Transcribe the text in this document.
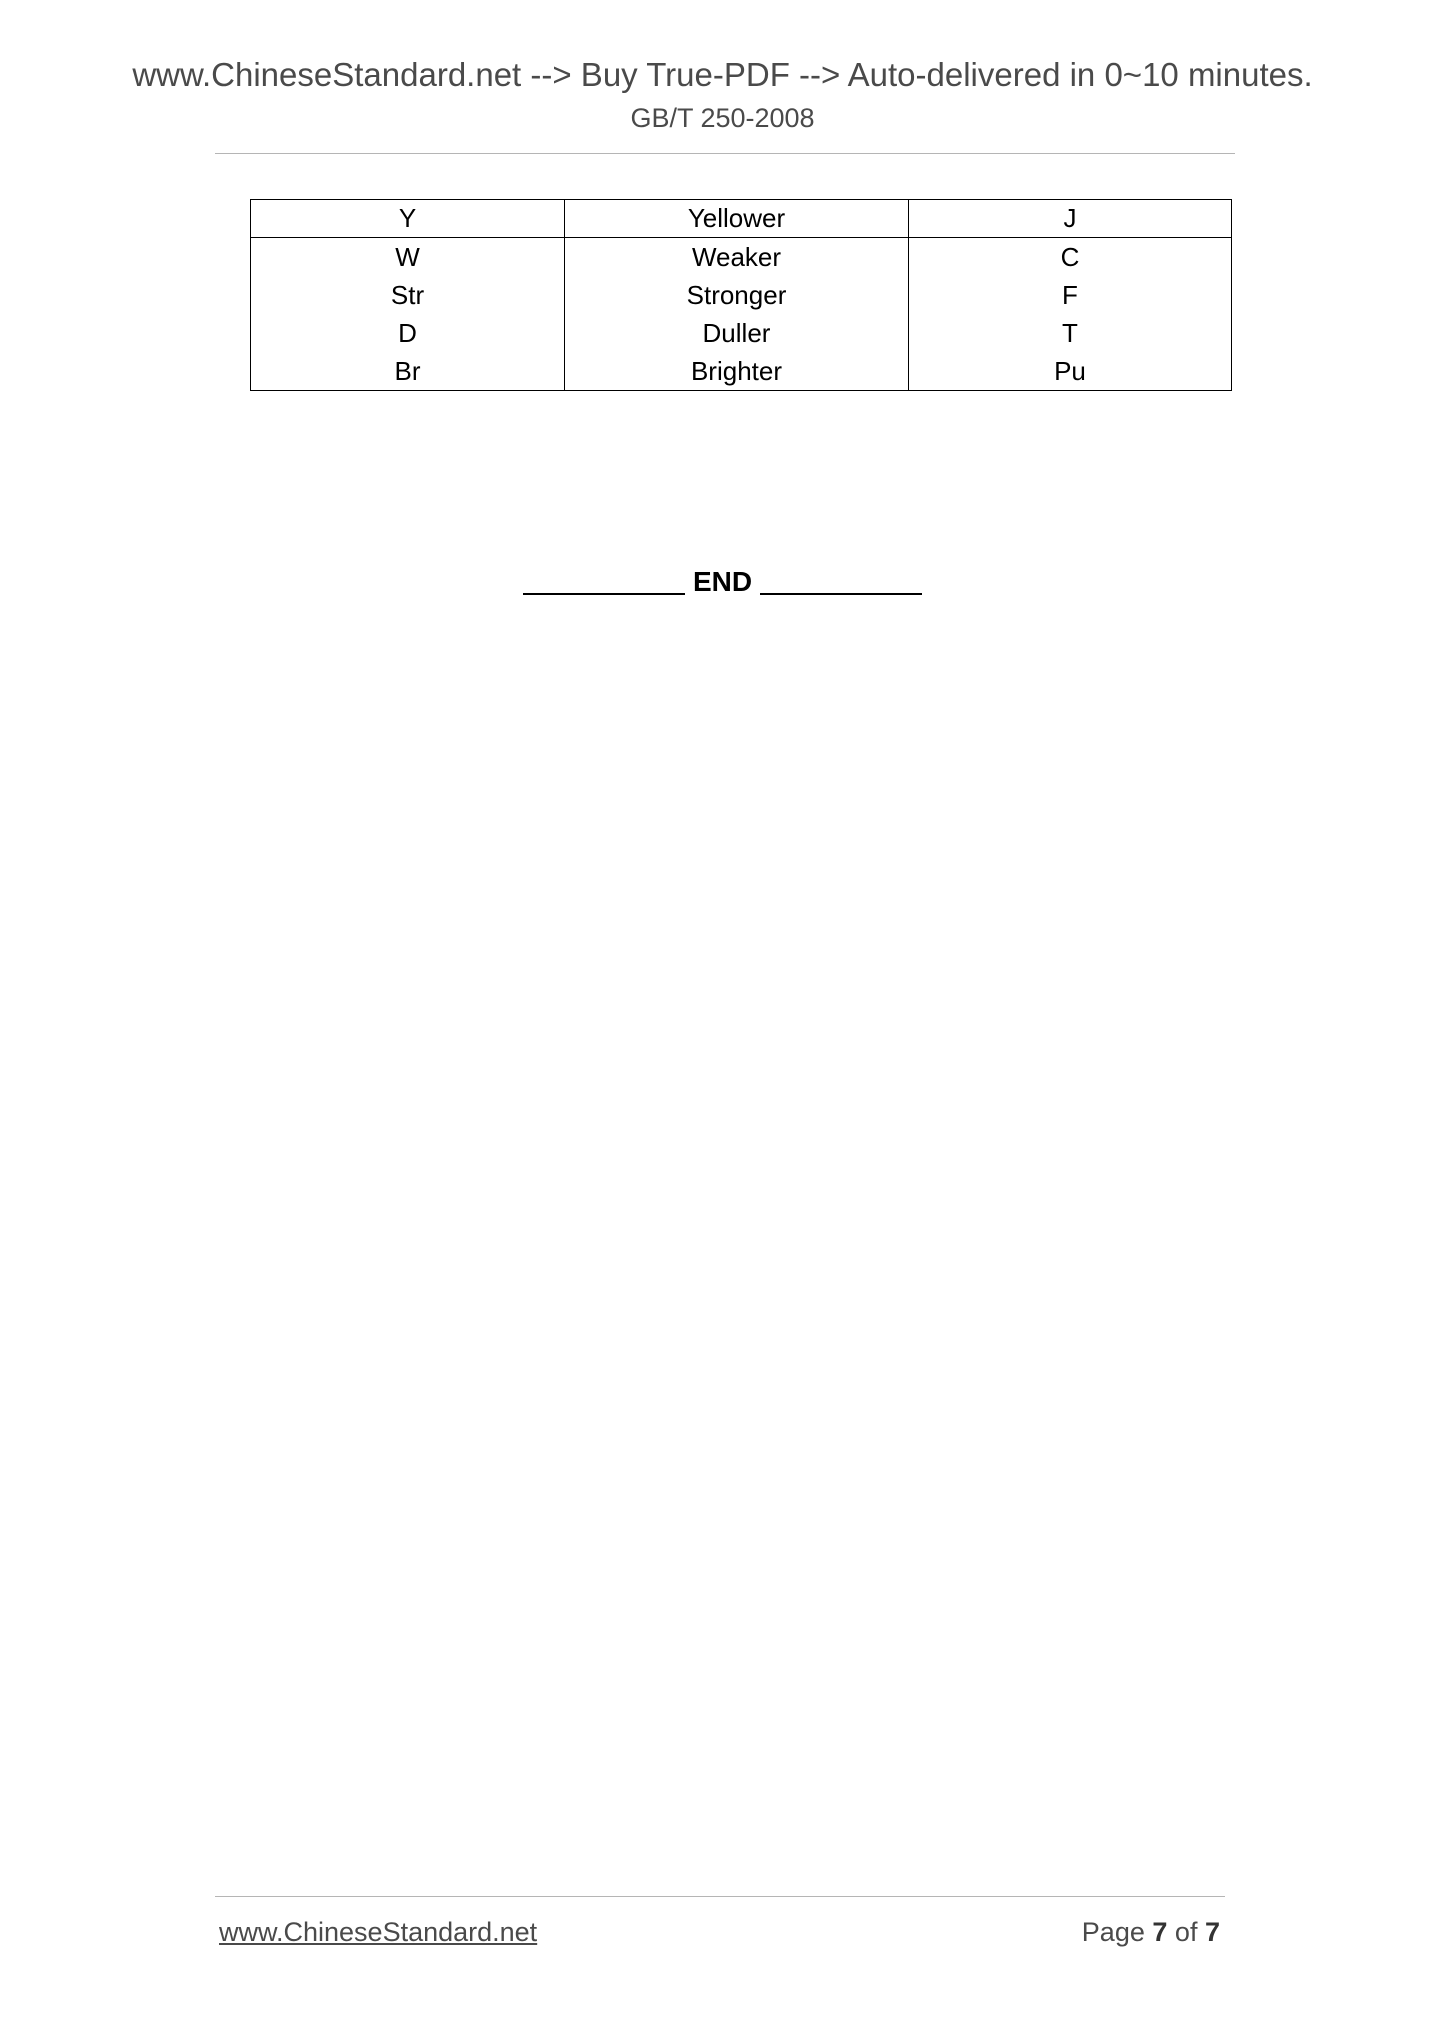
www.ChineseStandard.net --> Buy True-PDF --> Auto-delivered in 0~10 minutes.
GB/T 250-2008
Y	Yellower	J
W	Weaker	C
Str	Stronger	F
D	Duller	T
Br	Brighter	Pu
END
www.ChineseStandard.net	Page 7 of 7
